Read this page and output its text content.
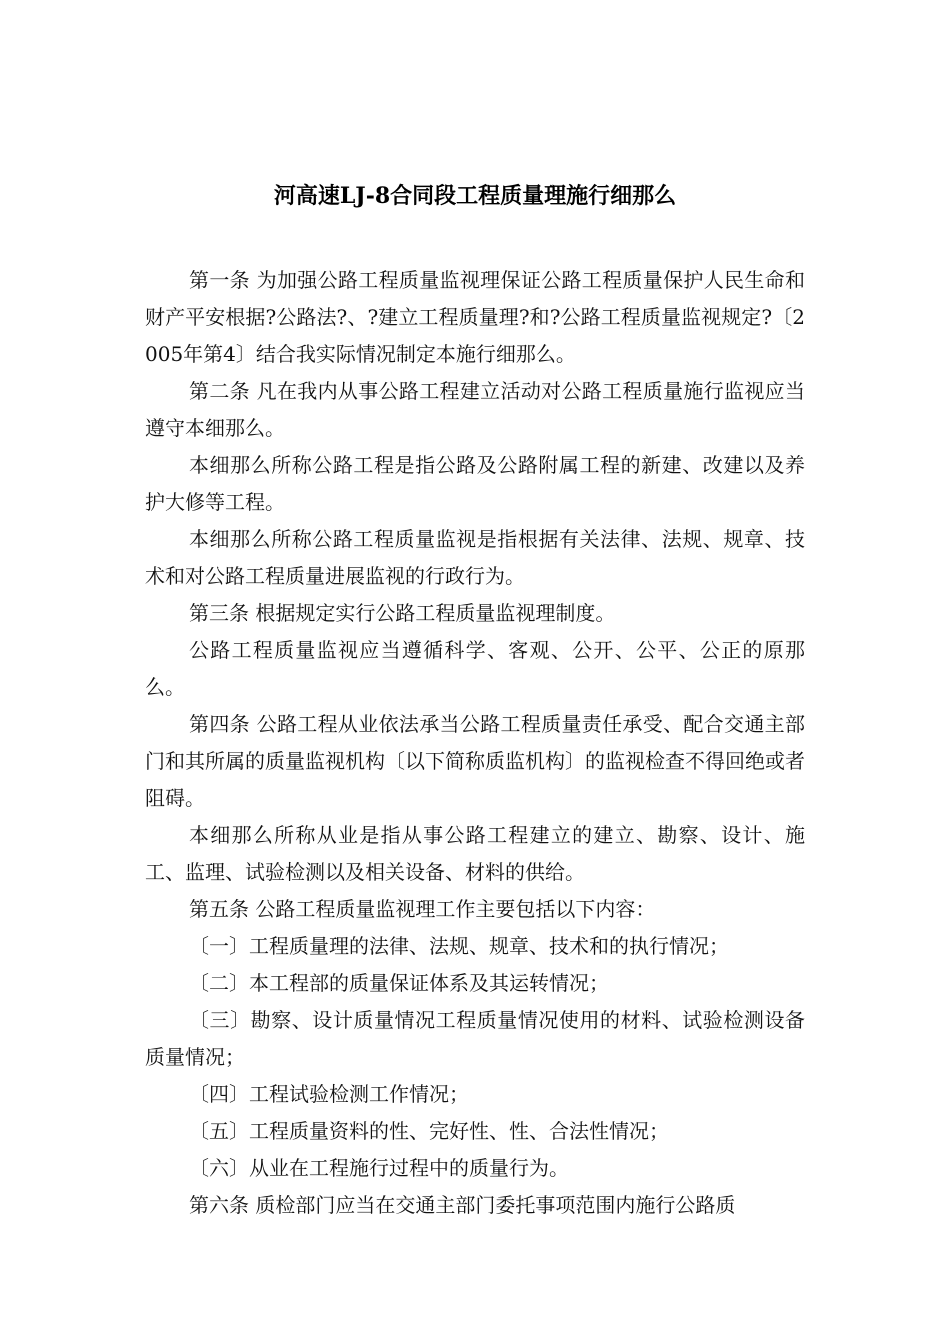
河高速LJ-8合同段工程质量理施行细那么

第一条 为加强公路工程质量监视理保证公路工程质量保护人民生命和财产平安根据?公路法?、?建立工程质量理?和?公路工程质量监视规定?〔2005年第4〕结合我实际情况制定本施行细那么。

第二条 凡在我内从事公路工程建立活动对公路工程质量施行监视应当遵守本细那么。

本细那么所称公路工程是指公路及公路附属工程的新建、改建以及养护大修等工程。

本细那么所称公路工程质量监视是指根据有关法律、法规、规章、技术和对公路工程质量进展监视的行政行为。

第三条 根据规定实行公路工程质量监视理制度。

公路工程质量监视应当遵循科学、客观、公开、公平、公正的原那么。

第四条 公路工程从业依法承当公路工程质量责任承受、配合交通主部门和其所属的质量监视机构〔以下简称质监机构〕的监视检查不得回绝或者阻碍。

本细那么所称从业是指从事公路工程建立的建立、勘察、设计、施工、监理、试验检测以及相关设备、材料的供给。

第五条 公路工程质量监视理工作主要包括以下内容：

〔一〕工程质量理的法律、法规、规章、技术和的执行情况；

〔二〕本工程部的质量保证体系及其运转情况；

〔三〕勘察、设计质量情况工程质量情况使用的材料、试验检测设备质量情况；

〔四〕工程试验检测工作情况；

〔五〕工程质量资料的性、完好性、性、合法性情况；

〔六〕从业在工程施行过程中的质量行为。

第六条 质检部门应当在交通主部门委托事项范围内施行公路质
